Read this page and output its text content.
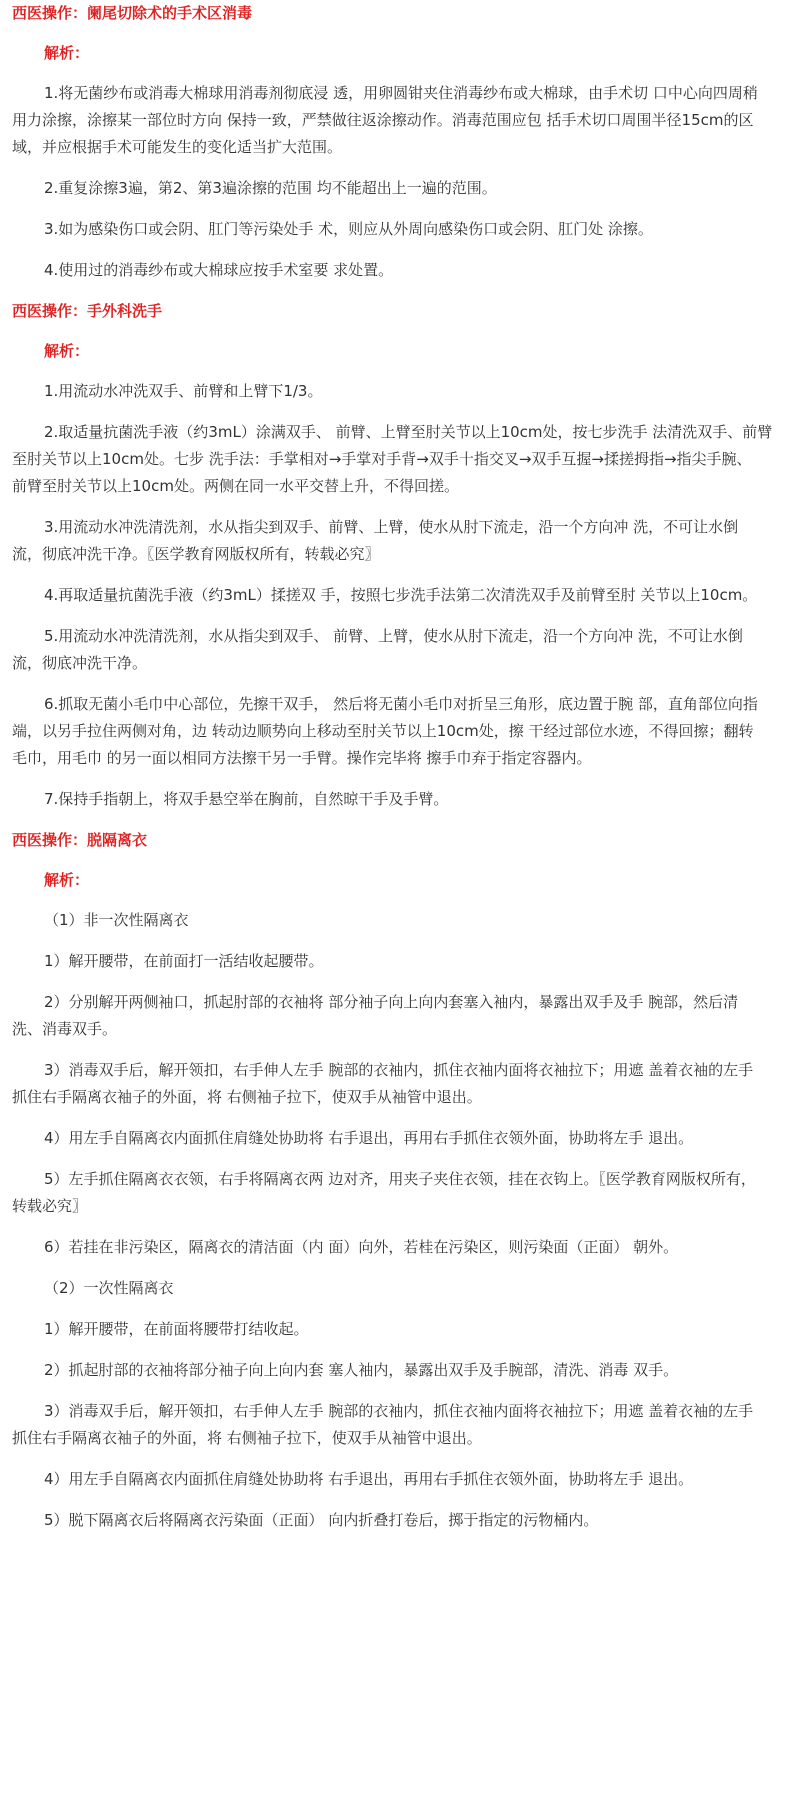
西医操作：阑尾切除术的手术区消毒
解析：
1.将无菌纱布或消毒大棉球用消毒剂彻底浸 透，用卵圆钳夹住消毒纱布或大棉球，由手术切 口中心向四周稍
用力涂擦，涂擦某一部位时方向 保持一致，严禁做往返涂擦动作。消毒范围应包 括手术切口周围半径15cm的区
域，并应根据手术可能发生的变化适当扩大范围。
2.重复涂擦3遍，第2、第3遍涂擦的范围 均不能超出上一遍的范围。
3.如为感染伤口或会阴、肛门等污染处手 术，则应从外周向感染伤口或会阴、肛门处 涂擦。
4.使用过的消毒纱布或大棉球应按手术室要 求处置。
西医操作：手外科洗手
解析：
1.用流动水冲洗双手、前臂和上臂下1/3。
2.取适量抗菌洗手液（约3mL）涂满双手、 前臂、上臂至肘关节以上10cm处，按七步洗手 法清洗双手、前臂
至肘关节以上10cm处。七步 洗手法：手掌相对→手掌对手背→双手十指交叉→双手互握→揉搓拇指→指尖手腕、
前臂至肘关节以上10cm处。两侧在同一水平交替上升，不得回搓。
3.用流动水冲洗清洗剂，水从指尖到双手、前臂、上臂，使水从肘下流走，沿一个方向冲 洗，不可让水倒
流，彻底冲洗干净。〖医学教育网版权所有，转载必究〗
4.再取适量抗菌洗手液（约3mL）揉搓双 手，按照七步洗手法第二次清洗双手及前臂至肘 关节以上10cm。
5.用流动水冲洗清洗剂，水从指尖到双手、 前臂、上臂，使水从肘下流走，沿一个方向冲 洗，不可让水倒
流，彻底冲洗干净。
6.抓取无菌小毛巾中心部位，先擦干双手， 然后将无菌小毛巾对折呈三角形，底边置于腕 部，直角部位向指
端，以另手拉住两侧对角，边 转动边顺势向上移动至肘关节以上10cm处，擦 干经过部位水迹，不得回擦；翻转
毛巾，用毛巾 的另一面以相同方法擦干另一手臂。操作完毕将 擦手巾弃于指定容器内。
7.保持手指朝上，将双手悬空举在胸前，自然晾干手及手臂。
西医操作：脱隔离衣
解析：
（1）非一次性隔离衣
1）解开腰带，在前面打一活结收起腰带。
2）分别解开两侧袖口，抓起肘部的衣袖将 部分袖子向上向内套塞入袖内，暴露出双手及手 腕部，然后清
洗、消毒双手。
3）消毒双手后，解开领扣，右手伸人左手 腕部的衣袖内，抓住衣袖内面将衣袖拉下；用遮 盖着衣袖的左手
抓住右手隔离衣袖子的外面，将 右侧袖子拉下，使双手从袖管中退出。
4）用左手自隔离衣内面抓住肩缝处协助将 右手退出，再用右手抓住衣领外面，协助将左手 退出。
5）左手抓住隔离衣衣领，右手将隔离衣两 边对齐，用夹子夹住衣领，挂在衣钩上。〖医学教育网版权所有，
转载必究〗
6）若挂在非污染区，隔离衣的清洁面（内 面）向外，若桂在污染区，则污染面（正面） 朝外。
（2）一次性隔离衣
1）解开腰带，在前面将腰带打结收起。
2）抓起肘部的衣袖将部分袖子向上向内套 塞人袖内，暴露出双手及手腕部，清洗、消毒 双手。
3）消毒双手后，解开领扣，右手伸人左手 腕部的衣袖内，抓住衣袖内面将衣袖拉下；用遮 盖着衣袖的左手
抓住右手隔离衣袖子的外面，将 右侧袖子拉下，使双手从袖管中退出。
4）用左手自隔离衣内面抓住肩缝处协助将 右手退出，再用右手抓住衣领外面，协助将左手 退出。
5）脱下隔离衣后将隔离衣污染面（正面） 向内折叠打卷后，掷于指定的污物桶内。
